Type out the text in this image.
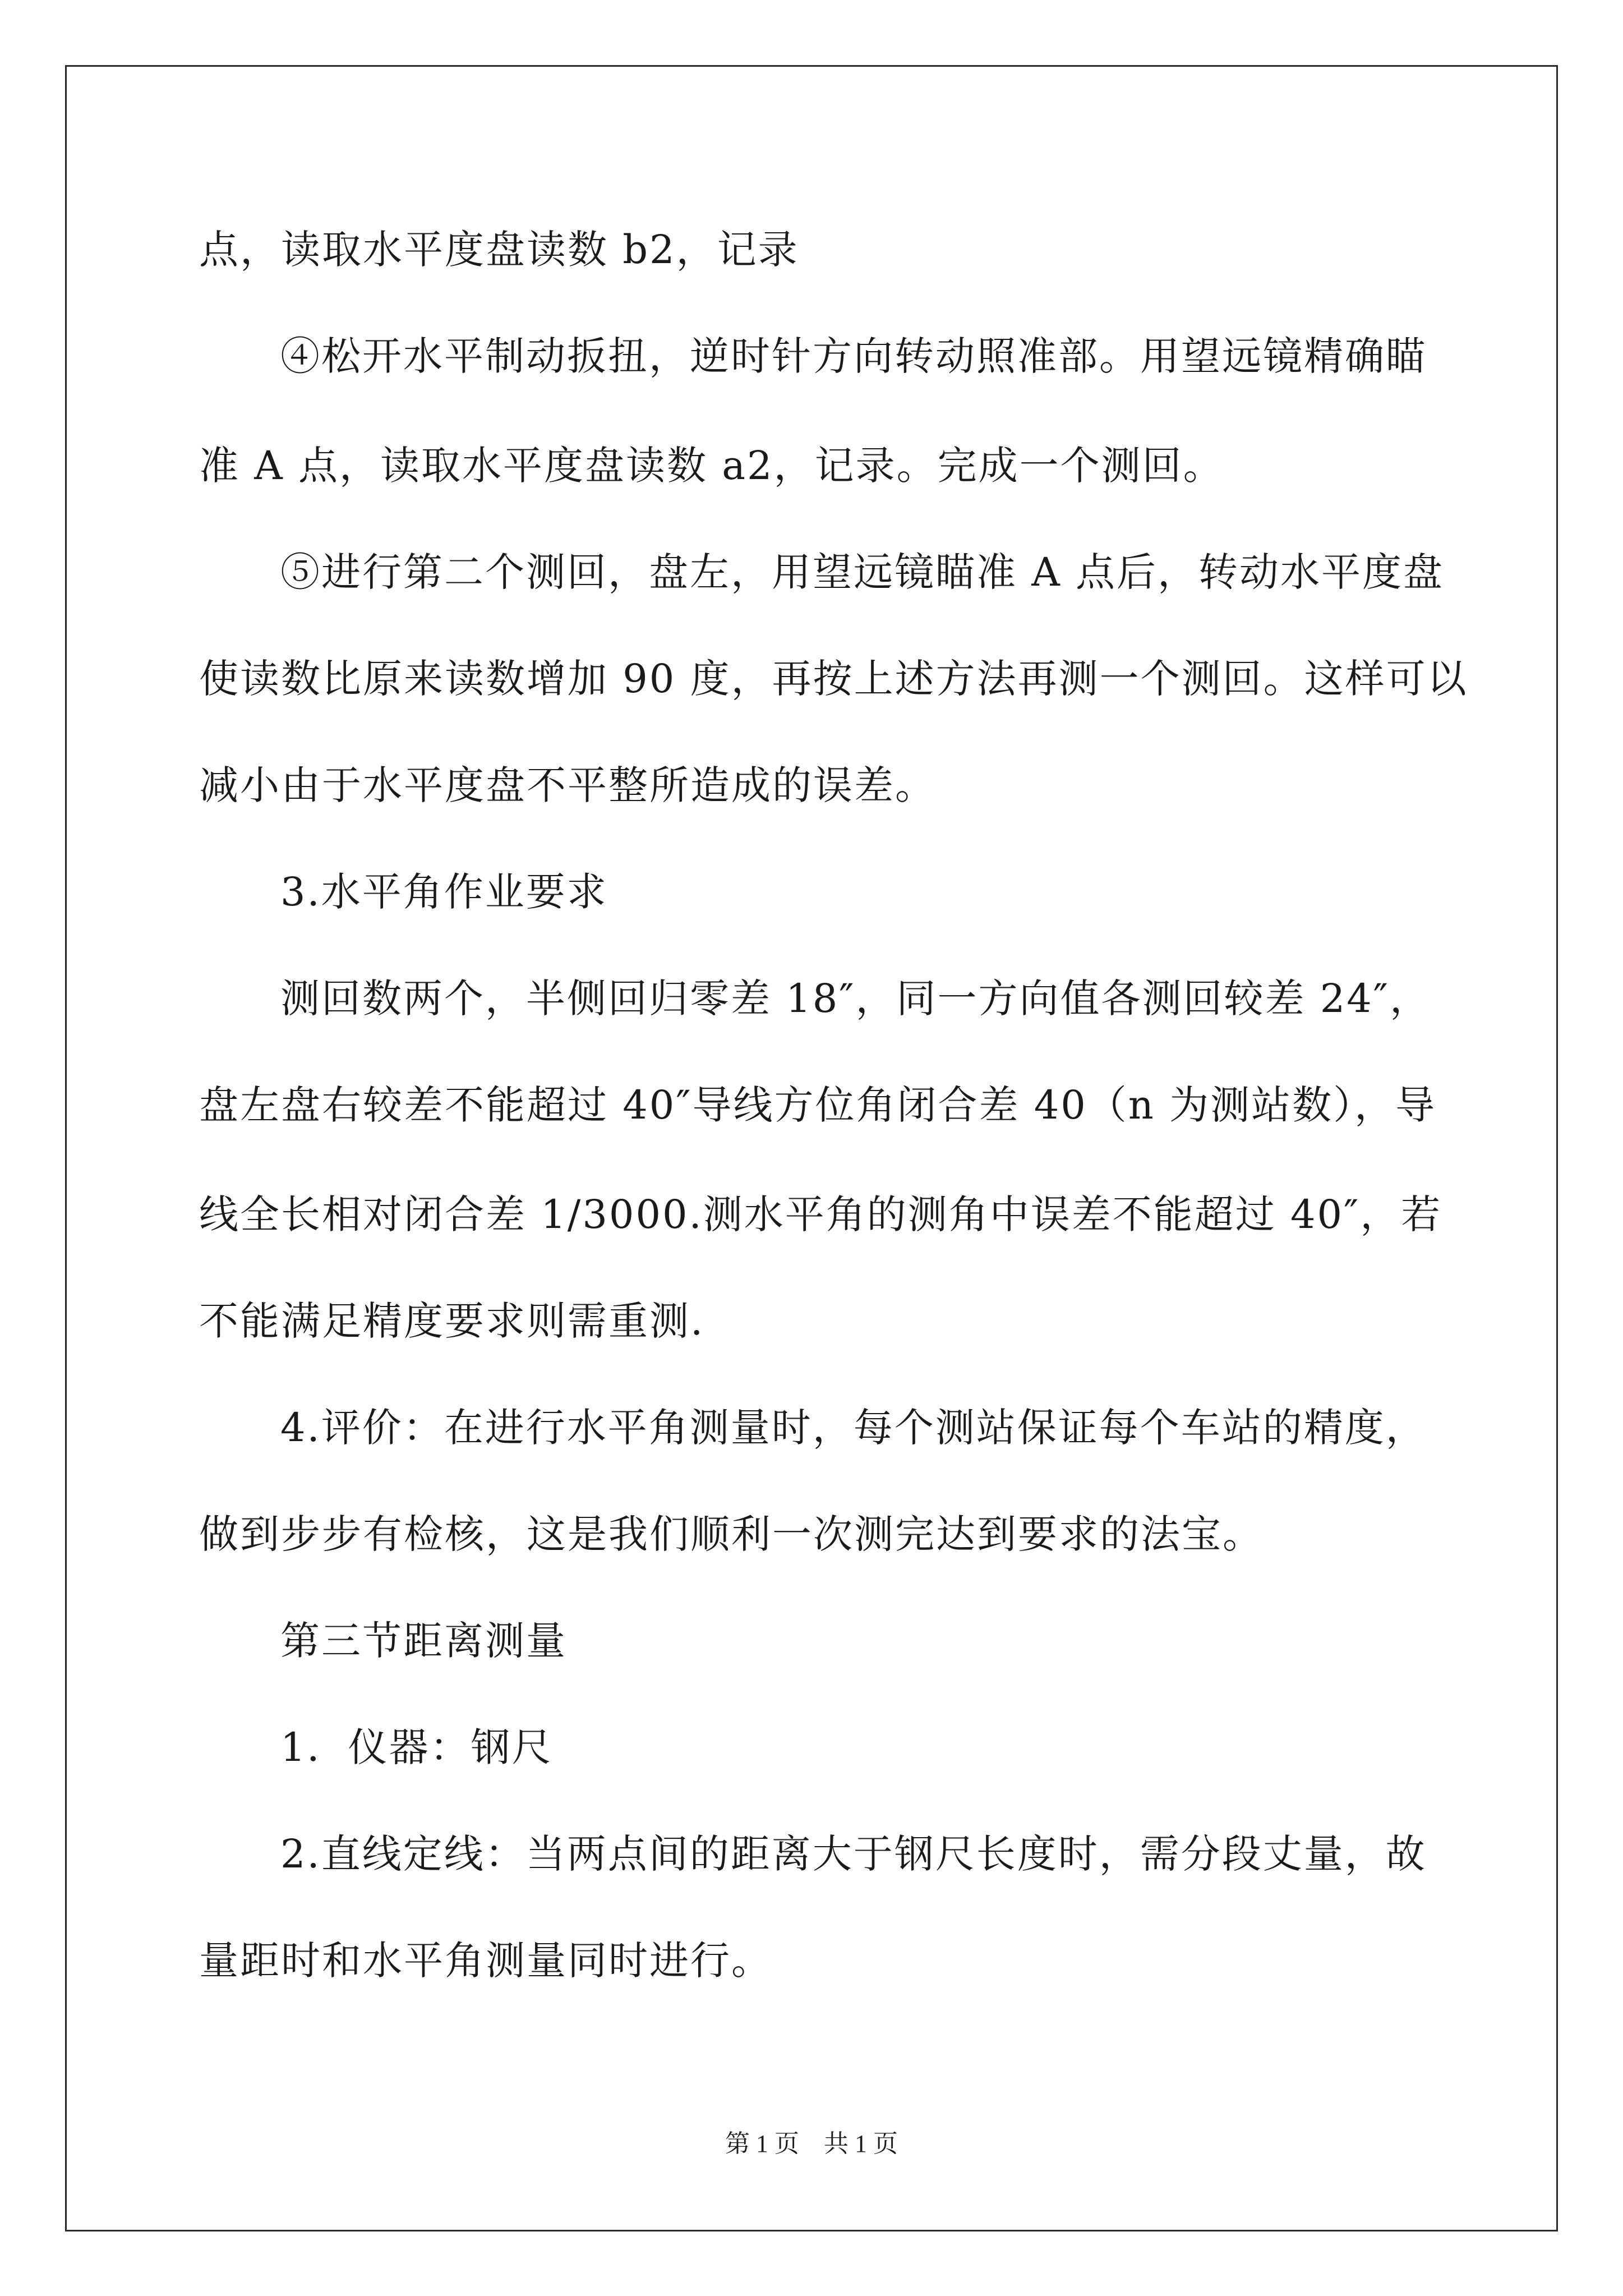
点，读取水平度盘读数 b2，记录
④松开水平制动扳扭，逆时针方向转动照准部。用望远镜精确瞄
准 A 点，读取水平度盘读数 a2，记录。完成一个测回。
⑤进行第二个测回，盘左，用望远镜瞄准 A 点后，转动水平度盘
使读数比原来读数增加 90 度，再按上述方法再测一个测回。这样可以
减小由于水平度盘不平整所造成的误差。
3.水平角作业要求
测回数两个，半侧回归零差 18″，同一方向值各测回较差 24″，
盘左盘右较差不能超过 40″导线方位角闭合差 40（n 为测站数），导
线全长相对闭合差 1/3000.测水平角的测角中误差不能超过 40″，若
不能满足精度要求则需重测.
4.评价：在进行水平角测量时，每个测站保证每个车站的精度，
做到步步有检核，这是我们顺利一次测完达到要求的法宝。
第三节距离测量
1．仪器：钢尺
2.直线定线：当两点间的距离大于钢尺长度时，需分段丈量，故
量距时和水平角测量同时进行。
第 1 页　共 1 页
